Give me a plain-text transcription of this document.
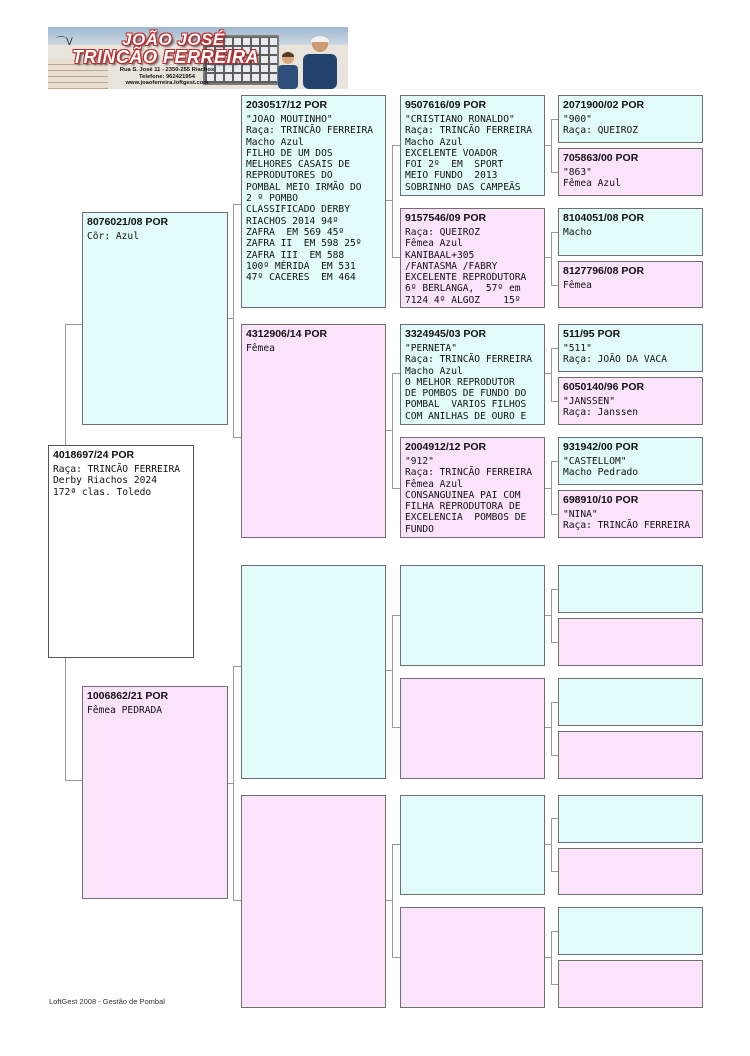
⌒ᐯ	JOÃO JOSÉ
TRINCÃO FERREIRA
Rua S. José 11 - 2350-255 Riachos
Telefone: 962421954
www.joaoferreira.loftgest.com
4018697/24 POR
Raça: TRINCÃO FERREIRA
Derby Riachos 2024
172ª clas. Toledo
8076021/08 POR
Cõr: Azul
1006862/21 POR
Fêmea PEDRADA
2030517/12 POR
"JOAO MOUTINHO"
Raça: TRINCÃO FERREIRA
Macho Azul
FILHO DE UM DOS
MELHORES CASAIS DE
REPRODUTORES DO
POMBAL MEIO IRMÃO DO
2 º POMBO
CLASSIFICADO DERBY
RIACHOS 2014 94º
ZAFRA  EM 569 45º
ZAFRA II  EM 598 25º
ZAFRA III  EM 588
100º MÉRIDA  EM 531
47º CACERES  EM 464
4312906/14 POR
Fêmea
9507616/09 POR
"CRISTIANO RONALDO"
Raça: TRINCÃO FERREIRA
Macho Azul
EXCELENTE VOADOR
FOI 2º  EM  SPORT
MEIO FUNDO  2013
SOBRINHO DAS CAMPEÃS
9157546/09 POR
Raça: QUEIROZ
Fêmea Azul
KANIBAAL+305
/FANTASMA /FABRY
EXCELENTE REPRODUTORA
6º BERLANGA,  57º em
7124 4º ALGOZ    15º
3324945/03 POR
"PERNETA"
Raça: TRINCÃO FERREIRA
Macho Azul
O MELHOR REPRODUTOR
DE POMBOS DE FUNDO DO
POMBAL  VARIOS FILHOS
COM ANILHAS DE OURO E
2004912/12 POR
"912"
Raça: TRINCÃO FERREIRA
Fêmea Azul
CONSANGUINEA PAI COM
FILHA REPRODUTORA DE
EXCELENCIA  POMBOS DE
FUNDO
2071900/02 POR
"900"
Raça: QUEIROZ
705863/00 POR
"863"
Fêmea Azul
8104051/08 POR
Macho
8127796/08 POR
Fêmea
511/95 POR
"511"
Raça: JOÃO DA VACA
6050140/96 POR
"JANSSEN"
Raça: Janssen
931942/00 POR
"CASTELLOM"
Macho Pedrado
698910/10 POR
"NINA"
Raça: TRINCÃO FERREIRA
LoftGest 2008 - Gestão de Pombal
